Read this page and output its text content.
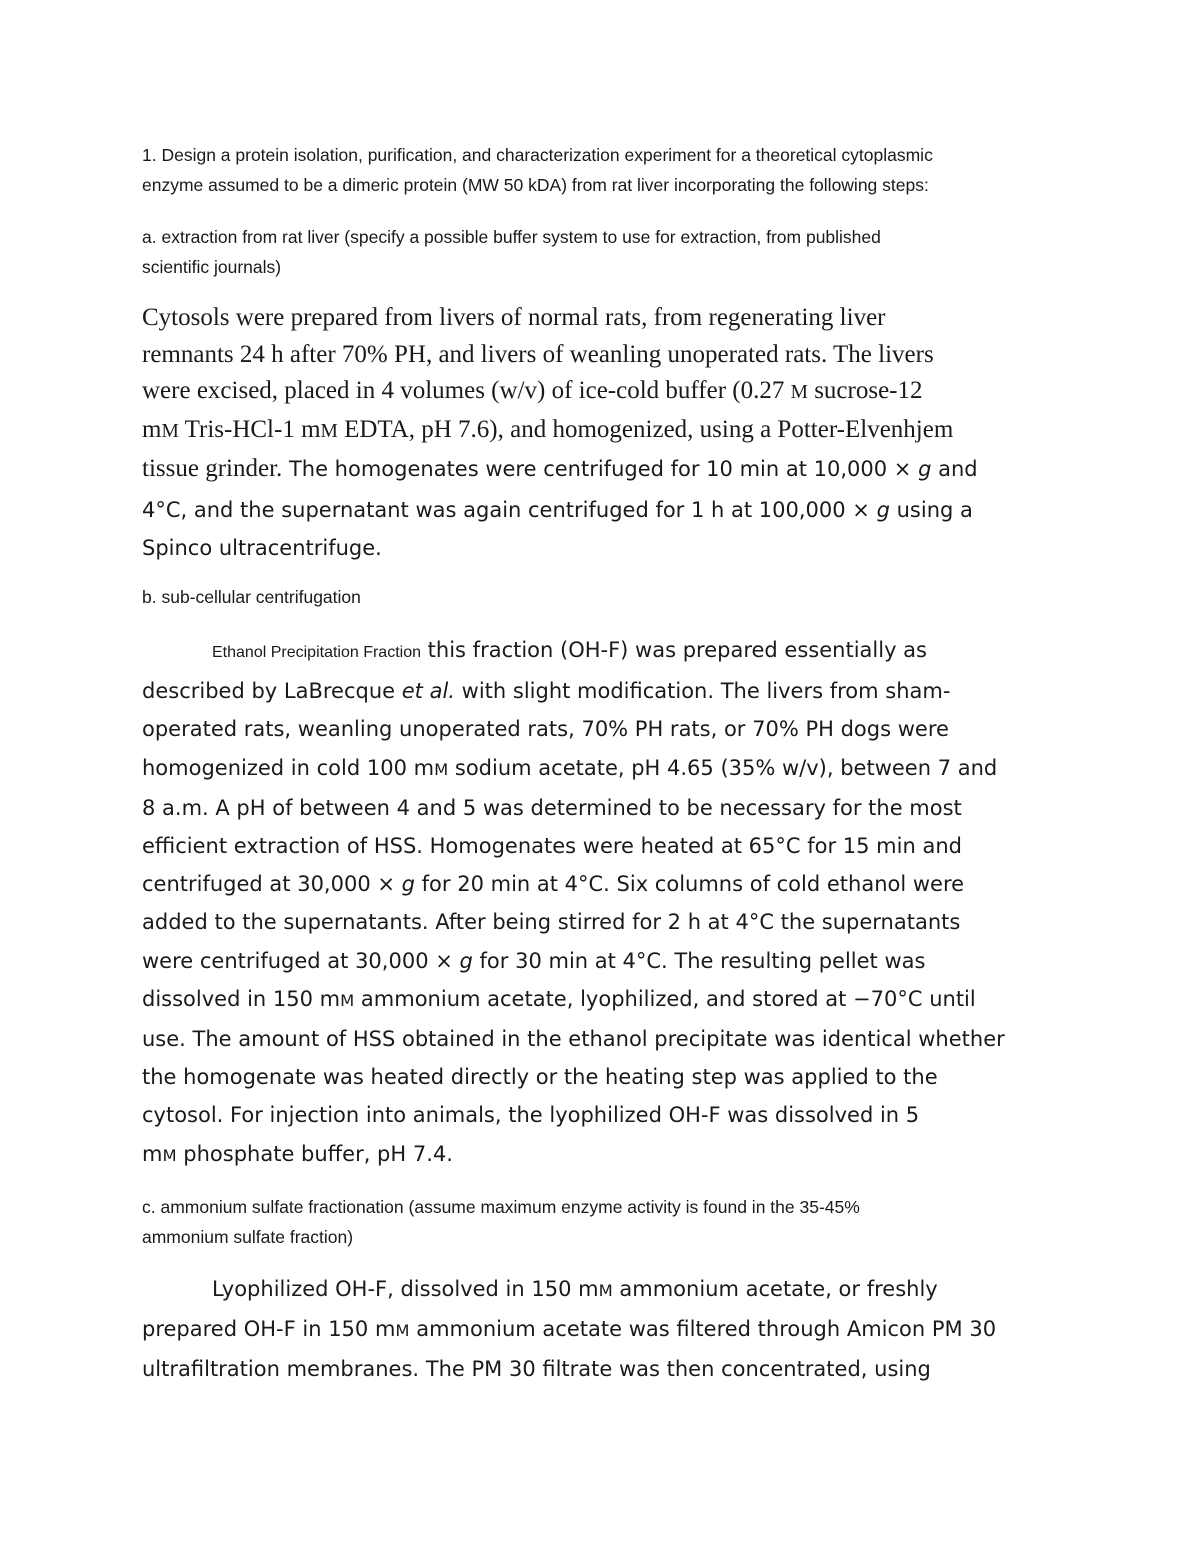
1. Design a protein isolation, purification, and characterization experiment for a theoretical cytoplasmic
enzyme assumed to be a dimeric protein (MW 50 kDA) from rat liver incorporating the following steps:
a. extraction from rat liver (specify a possible buffer system to use for extraction, from published
scientific journals)
Cytosols were prepared from livers of normal rats, from regenerating liver
remnants 24 h after 70% PH, and livers of weanling unoperated rats. The livers
were excised, placed in 4 volumes (w/v) of ice-cold buffer (0.27 M sucrose-12
mM Tris-HCl-1 mM EDTA, pH 7.6), and homogenized, using a Potter-Elvenhjem
tissue grinder. The homogenates were centrifuged for 10 min at 10,000 × g and
4°C, and the supernatant was again centrifuged for 1 h at 100,000 × g using a
Spinco ultracentrifuge.
b. sub-cellular centrifugation
Ethanol Precipitation Fraction this fraction (OH-F) was prepared essentially as
described by LaBrecque et al. with slight modification. The livers from sham-
operated rats, weanling unoperated rats, 70% PH rats, or 70% PH dogs were
homogenized in cold 100 mM sodium acetate, pH 4.65 (35% w/v), between 7 and
8 a.m. A pH of between 4 and 5 was determined to be necessary for the most
efficient extraction of HSS. Homogenates were heated at 65°C for 15 min and
centrifuged at 30,000 × g for 20 min at 4°C. Six columns of cold ethanol were
added to the supernatants. After being stirred for 2 h at 4°C the supernatants
were centrifuged at 30,000 × g for 30 min at 4°C. The resulting pellet was
dissolved in 150 mM ammonium acetate, lyophilized, and stored at −70°C until
use. The amount of HSS obtained in the ethanol precipitate was identical whether
the homogenate was heated directly or the heating step was applied to the
cytosol. For injection into animals, the lyophilized OH-F was dissolved in 5
mM phosphate buffer, pH 7.4.
c. ammonium sulfate fractionation (assume maximum enzyme activity is found in the 35-45%
ammonium sulfate fraction)
Lyophilized OH-F, dissolved in 150 mM ammonium acetate, or freshly
prepared OH-F in 150 mM ammonium acetate was filtered through Amicon PM 30
ultrafiltration membranes. The PM 30 filtrate was then concentrated, using
